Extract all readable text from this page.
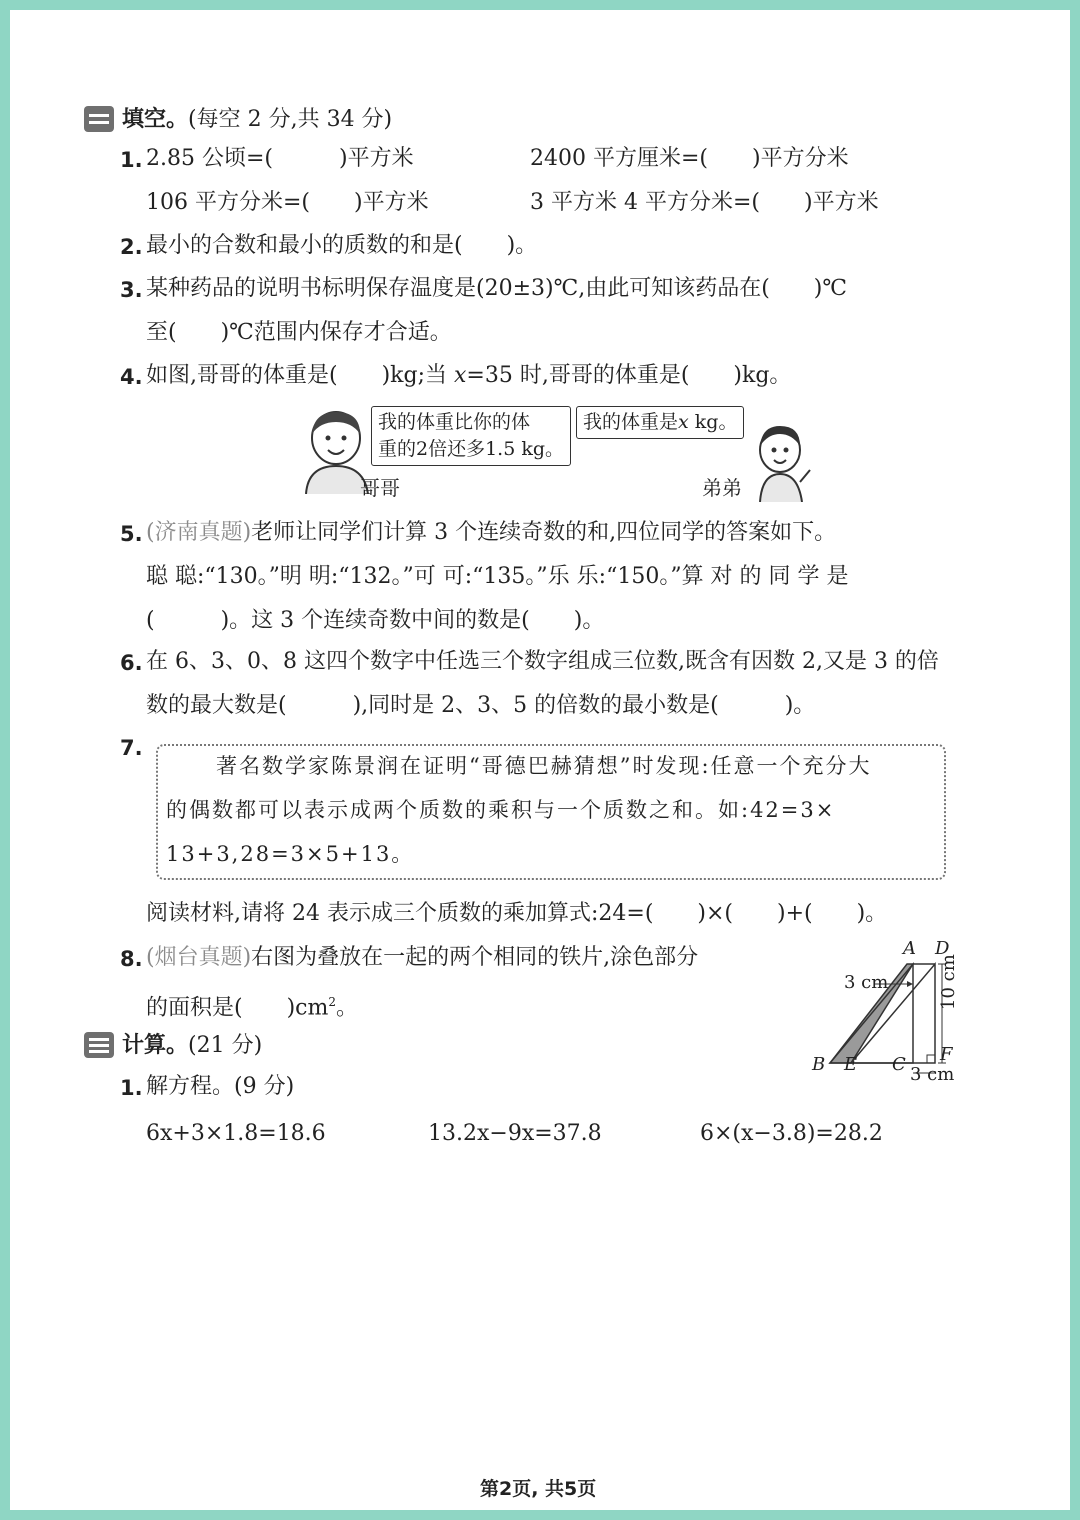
填空。(每空 2 分,共 34 分)
1. 2.85 公顷=(　　　)平方米	2400 平方厘米=(　　)平方分米
106 平方分米=(　　)平方米	3 平方米 4 平方分米=(　　)平方米
2. 最小的合数和最小的质数的和是(　　)。
3. 某种药品的说明书标明保存温度是(20±3)℃,由此可知该药品在(　　)℃
至(　　)℃范围内保存才合适。
4. 如图,哥哥的体重是(　　)kg;当 x=35 时,哥哥的体重是(　　)kg。
我的体重比你的体
重的2倍还多1.5 kg。
我的体重是x kg。
哥哥	弟弟
5. (济南真题)老师让同学们计算 3 个连续奇数的和,四位同学的答案如下。
聪 聪:“130。”明 明:“132。”可 可:“135。”乐 乐:“150。”算 对 的 同 学 是
(　　　)。这 3 个连续奇数中间的数是(　　)。
6. 在 6、3、0、8 这四个数字中任选三个数字组成三位数,既含有因数 2,又是 3 的倍
数的最大数是(　　　),同时是 2、3、5 的倍数的最小数是(　　　)。
7.
著名数学家陈景润在证明“哥德巴赫猜想”时发现:任意一个充分大
的偶数都可以表示成两个质数的乘积与一个质数之和。如:42=3×
13+3,28=3×5+13。
阅读材料,请将 24 表示成三个质数的乘加算式:24=(　　)×(　　)+(　　)。
8. (烟台真题)右图为叠放在一起的两个相同的铁片,涂色部分
的面积是(　　)$cm^2$。
A D
3 cm	10 cm
B E C F
3 cm
计算。(21 分)
1. 解方程。(9 分)
6x+3×1.8=18.6	13.2x−9x=37.8	6×(x−3.8)=28.2
第2页, 共5页
